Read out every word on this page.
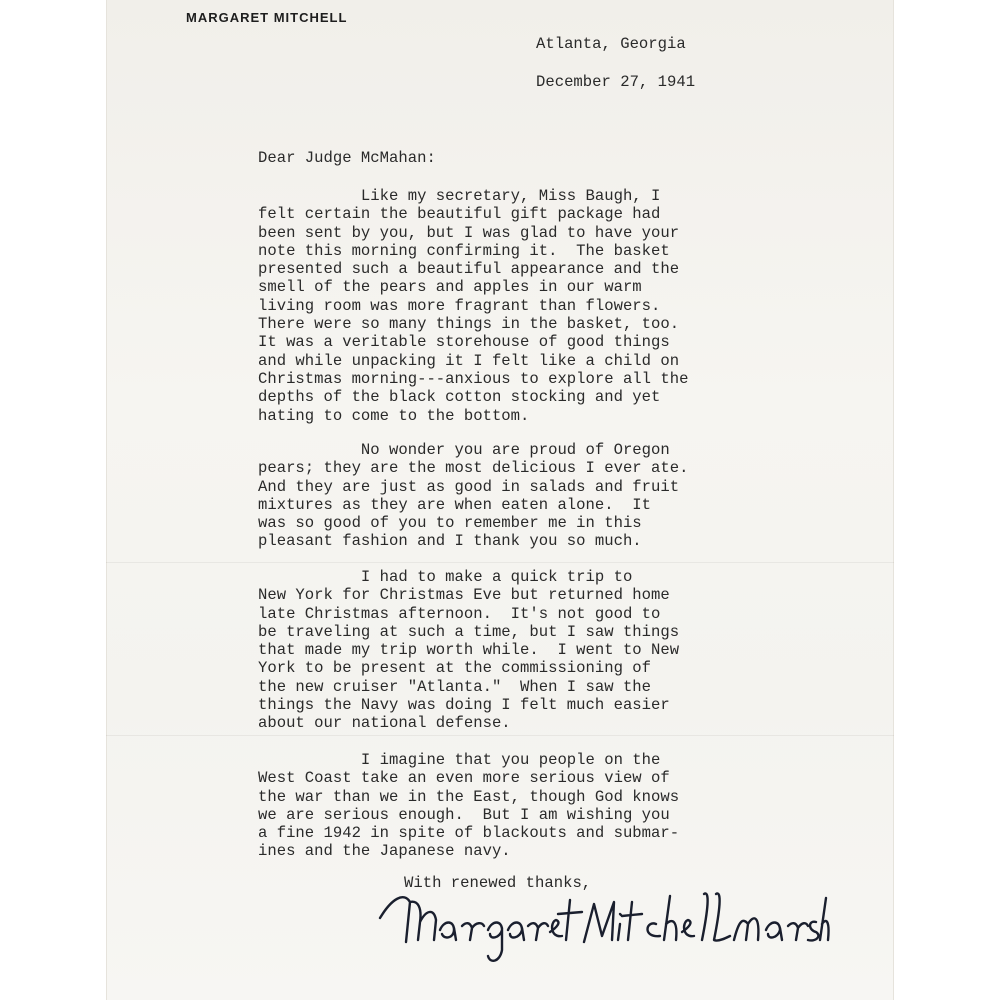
MARGARET MITCHELL
Atlanta, Georgia
December 27, 1941
Dear Judge McMahan:
Like my secretary, Miss Baugh, I
felt certain the beautiful gift package had
been sent by you, but I was glad to have your
note this morning confirming it.  The basket
presented such a beautiful appearance and the
smell of the pears and apples in our warm
living room was more fragrant than flowers.
There were so many things in the basket, too.
It was a veritable storehouse of good things
and while unpacking it I felt like a child on
Christmas morning---anxious to explore all the
depths of the black cotton stocking and yet
hating to come to the bottom.
No wonder you are proud of Oregon
pears; they are the most delicious I ever ate.
And they are just as good in salads and fruit
mixtures as they are when eaten alone.  It
was so good of you to remember me in this
pleasant fashion and I thank you so much.
I had to make a quick trip to
New York for Christmas Eve but returned home
late Christmas afternoon.  It's not good to
be traveling at such a time, but I saw things
that made my trip worth while.  I went to New
York to be present at the commissioning of
the new cruiser "Atlanta."  When I saw the
things the Navy was doing I felt much easier
about our national defense.
I imagine that you people on the
West Coast take an even more serious view of
the war than we in the East, though God knows
we are serious enough.  But I am wishing you
a fine 1942 in spite of blackouts and submar-
ines and the Japanese navy.
With renewed thanks,
